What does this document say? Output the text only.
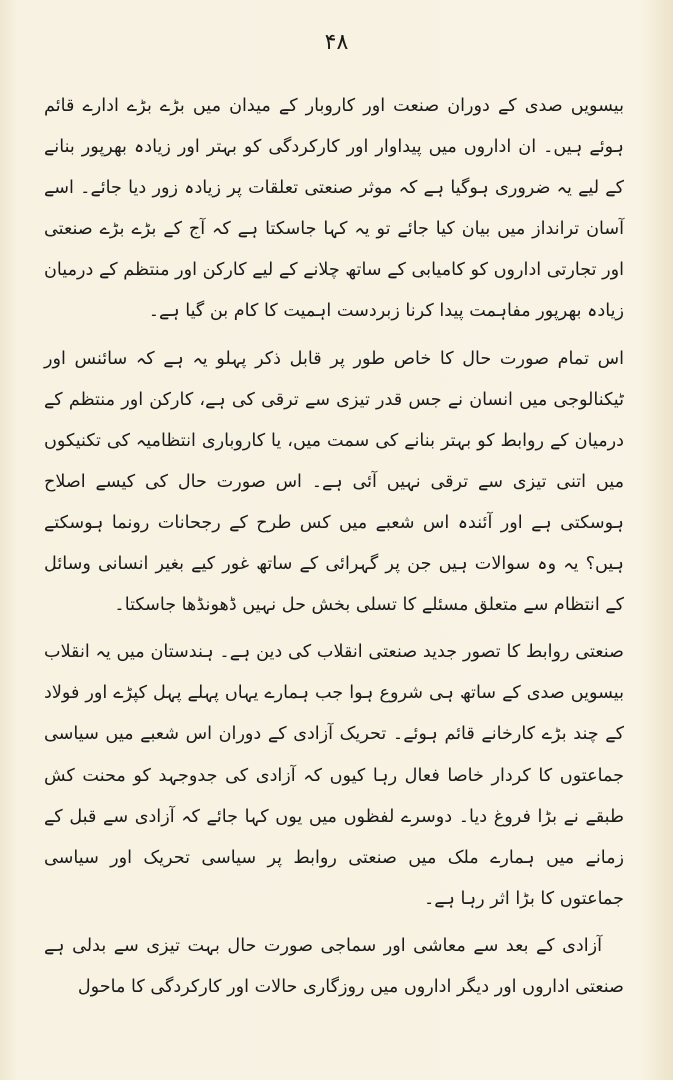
۴۸

بیسویں صدی کے دوران صنعت اور کاروبار کے میدان میں بڑے بڑے ادارے قائم ہوئے ہیں۔ ان اداروں میں پیداوار اور کارکردگی کو بہتر اور زیادہ بھرپور بنانے کے لیے یہ ضروری ہوگیا ہے کہ موثر صنعتی تعلقات پر زیادہ زور دیا جائے۔ اسے آسان ترانداز میں بیان کیا جائے تو یہ کہا جاسکتا ہے کہ آج کے بڑے بڑے صنعتی اور تجارتی اداروں کو کامیابی کے ساتھ چلانے کے لیے کارکن اور منتظم کے درمیان زیادہ بھرپور مفاہمت پیدا کرنا زبردست اہمیت کا کام بن گیا ہے۔

اس تمام صورت حال کا خاص طور پر قابل ذکر پہلو یہ ہے کہ سائنس اور ٹیکنالوجی میں انسان نے جس قدر تیزی سے ترقی کی ہے، کارکن اور منتظم کے درمیان کے روابط کو بہتر بنانے کی سمت میں، یا کاروباری انتظامیہ کی تکنیکوں میں اتنی تیزی سے ترقی نہیں آئی ہے۔ اس صورت حال کی کیسے اصلاح ہوسکتی ہے اور آئندہ اس شعبے میں کس طرح کے رجحانات رونما ہوسکتے ہیں؟ یہ وہ سوالات ہیں جن پر گہرائی کے ساتھ غور کیے بغیر انسانی وسائل کے انتظام سے متعلق مسئلے کا تسلی بخش حل نہیں ڈھونڈھا جاسکتا۔

صنعتی روابط کا تصور جدید صنعتی انقلاب کی دین ہے۔ ہندستان میں یہ انقلاب بیسویں صدی کے ساتھ ہی شروع ہوا جب ہمارے یہاں پہلے پہل کپڑے اور فولاد کے چند بڑے کارخانے قائم ہوئے۔ تحریک آزادی کے دوران اس شعبے میں سیاسی جماعتوں کا کردار خاصا فعال رہا کیوں کہ آزادی کی جدوجہد کو محنت کش طبقے نے بڑا فروغ دیا۔ دوسرے لفظوں میں یوں کہا جائے کہ آزادی سے قبل کے زمانے میں ہمارے ملک میں صنعتی روابط پر سیاسی تحریک اور سیاسی جماعتوں کا بڑا اثر رہا ہے۔

آزادی کے بعد سے معاشی اور سماجی صورت حال بہت تیزی سے بدلی ہے صنعتی اداروں اور دیگر اداروں میں روزگاری حالات اور کارکردگی کا ماحول
